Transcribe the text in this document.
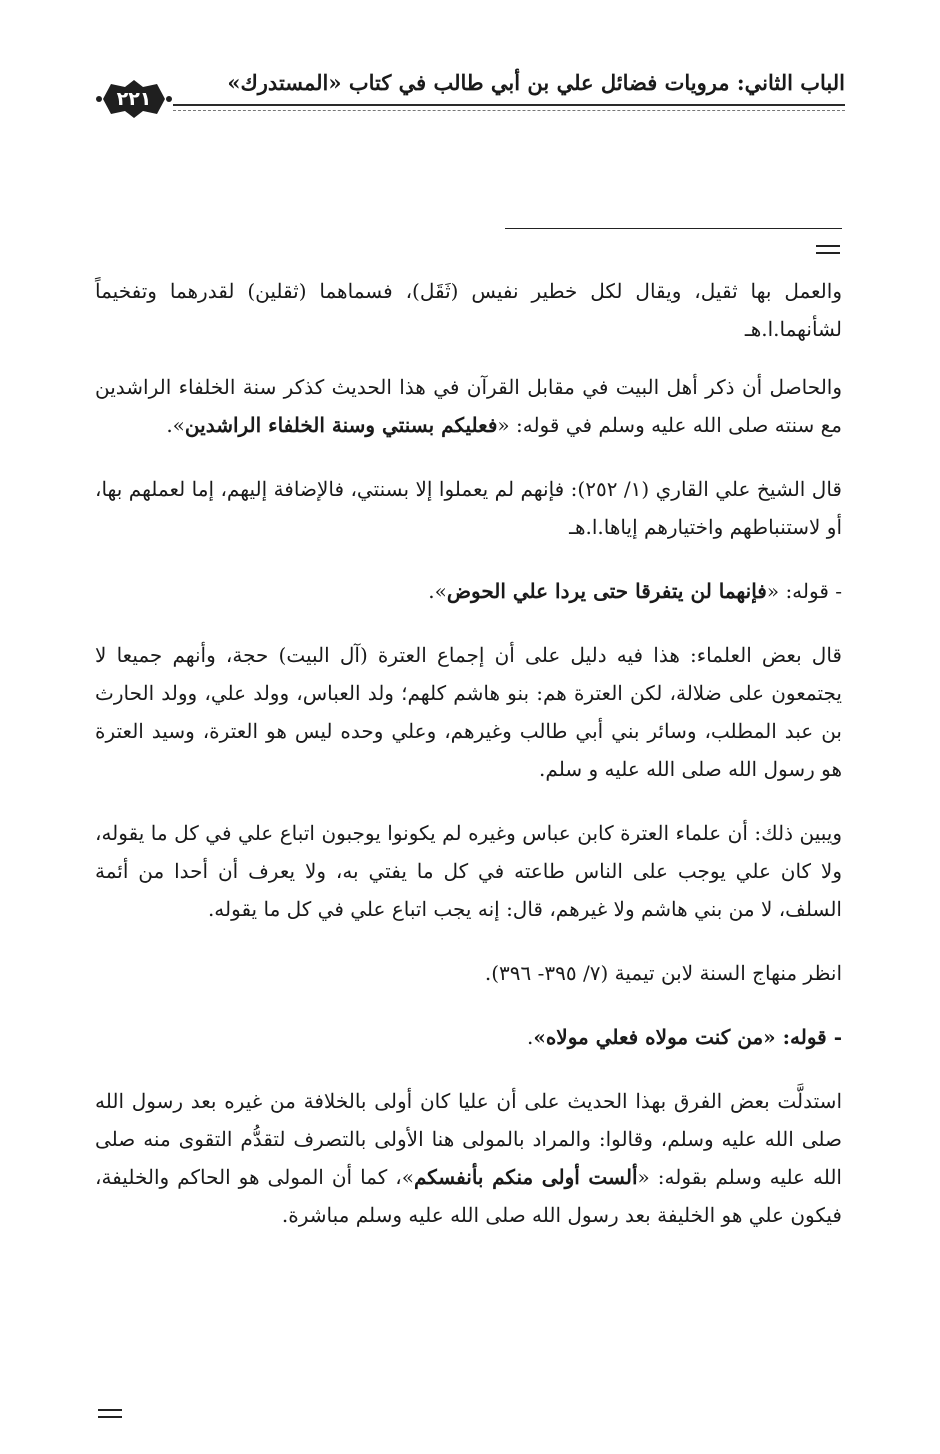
٢٢١
الباب الثاني: مرويات فضائل علي بن أبي طالب في كتاب «المستدرك»

والعمل بها ثقيل، ويقال لكل خطير نفيس (ثَقَل)، فسماهما (ثقلين) لقدرهما وتفخيماً لشأنهما.ا.هـ

والحاصل أن ذكر أهل البيت في مقابل القرآن في هذا الحديث كذكر سنة الخلفاء الراشدين مع سنته صلى الله عليه وسلم في قوله: «فعليكم بسنتي وسنة الخلفاء الراشدين».

قال الشيخ علي القاري (١/ ٢٥٢): فإنهم لم يعملوا إلا بسنتي، فالإضافة إليهم، إما لعملهم بها، أو لاستنباطهم واختيارهم إياها.ا.هـ

- قوله: «فإنهما لن يتفرقا حتى يردا علي الحوض».

قال بعض العلماء: هذا فيه دليل على أن إجماع العترة (آل البيت) حجة، وأنهم جميعا لا يجتمعون على ضلالة، لكن العترة هم: بنو هاشم كلهم؛ ولد العباس، وولد علي، وولد الحارث بن عبد المطلب، وسائر بني أبي طالب وغيرهم، وعلي وحده ليس هو العترة، وسيد العترة هو رسول الله صلى الله عليه و سلم.

ويبين ذلك: أن علماء العترة كابن عباس وغيره لم يكونوا يوجبون اتباع علي في كل ما يقوله، ولا كان علي يوجب على الناس طاعته في كل ما يفتي به، ولا يعرف أن أحدا من أئمة السلف، لا من بني هاشم ولا غيرهم، قال: إنه يجب اتباع علي في كل ما يقوله.

انظر منهاج السنة لابن تيمية (٧/ ٣٩٥- ٣٩٦).

- قوله: «من كنت مولاه فعلي مولاه».

استدلَّت بعض الفرق بهذا الحديث على أن عليا كان أولى بالخلافة من غيره بعد رسول الله صلى الله عليه وسلم، وقالوا: والمراد بالمولى هنا الأولى بالتصرف لتقدُّم التقوى منه صلى الله عليه وسلم بقوله: «ألست أولى منكم بأنفسكم»، كما أن المولى هو الحاكم والخليفة، فيكون علي هو الخليفة بعد رسول الله صلى الله عليه وسلم مباشرة.
